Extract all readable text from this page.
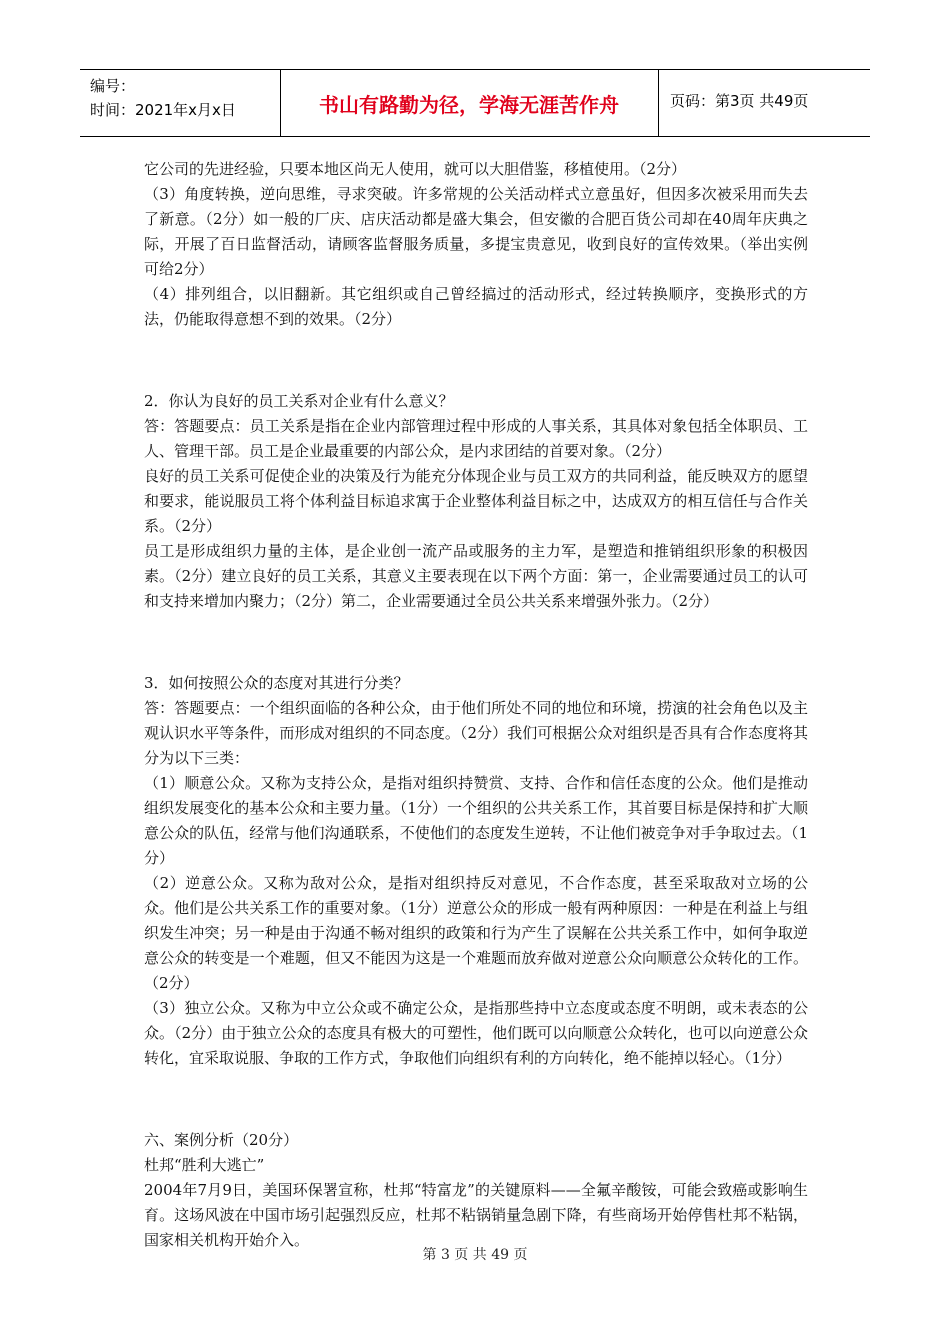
编号：
时间：2021年x月x日	书山有路勤为径，学海无涯苦作舟	页码：第3页 共49页

它公司的先进经验，只要本地区尚无人使用，就可以大胆借鉴，移植使用。（2分）

（3）角度转换，逆向思维，寻求突破。许多常规的公关活动样式立意虽好，但因多次被采用而失去了新意。（2分）如一般的厂庆、店庆活动都是盛大集会，但安徽的合肥百货公司却在40周年庆典之际，开展了百日监督活动，请顾客监督服务质量，多提宝贵意见，收到良好的宣传效果。（举出实例可给2分）

（4）排列组合，以旧翻新。其它组织或自己曾经搞过的活动形式，经过转换顺序，变换形式的方法，仍能取得意想不到的效果。（2分）

2．你认为良好的员工关系对企业有什么意义？

答：答题要点：员工关系是指在企业内部管理过程中形成的人事关系，其具体对象包括全体职员、工人、管理干部。员工是企业最重要的内部公众，是内求团结的首要对象。（2分）

良好的员工关系可促使企业的决策及行为能充分体现企业与员工双方的共同利益，能反映双方的愿望和要求，能说服员工将个体利益目标追求寓于企业整体利益目标之中，达成双方的相互信任与合作关系。（2分）

员工是形成组织力量的主体，是企业创一流产品或服务的主力军，是塑造和推销组织形象的积极因素。（2分）建立良好的员工关系，其意义主要表现在以下两个方面：第一，企业需要通过员工的认可和支持来增加内聚力；（2分）第二，企业需要通过全员公共关系来增强外张力。（2分）

3．如何按照公众的态度对其进行分类？

答：答题要点：一个组织面临的各种公众，由于他们所处不同的地位和环境，捞演的社会角色以及主观认识水平等条件，而形成对组织的不同态度。（2分）我们可根据公众对组织是否具有合作态度将其分为以下三类：

（1）顺意公众。又称为支持公众，是指对组织持赞赏、支持、合作和信任态度的公众。他们是推动组织发展变化的基本公众和主要力量。（1分）一个组织的公共关系工作，其首要目标是保持和扩大顺意公众的队伍，经常与他们沟通联系，不使他们的态度发生逆转，不让他们被竞争对手争取过去。（1分）

（2）逆意公众。又称为敌对公众，是指对组织持反对意见，不合作态度，甚至采取敌对立场的公众。他们是公共关系工作的重要对象。（1分）逆意公众的形成一般有两种原因：一种是在利益上与组织发生冲突；另一种是由于沟通不畅对组织的政策和行为产生了误解在公共关系工作中，如何争取逆意公众的转变是一个难题，但又不能因为这是一个难题而放弃做对逆意公众向顺意公众转化的工作。（2分）

（3）独立公众。又称为中立公众或不确定公众，是指那些持中立态度或态度不明朗，或未表态的公众。（2分）由于独立公众的态度具有极大的可塑性，他们既可以向顺意公众转化，也可以向逆意公众转化，宜采取说服、争取的工作方式，争取他们向组织有利的方向转化，绝不能掉以轻心。（1分）

六、案例分析（20分）

杜邦“胜利大逃亡”

2004年7月9日，美国环保署宣称，杜邦“特富龙”的关键原料——全氟辛酸铵，可能会致癌或影响生育。这场风波在中国市场引起强烈反应，杜邦不粘锅销量急剧下降，有些商场开始停售杜邦不粘锅，国家相关机构开始介入。

第 3 页 共 49 页
